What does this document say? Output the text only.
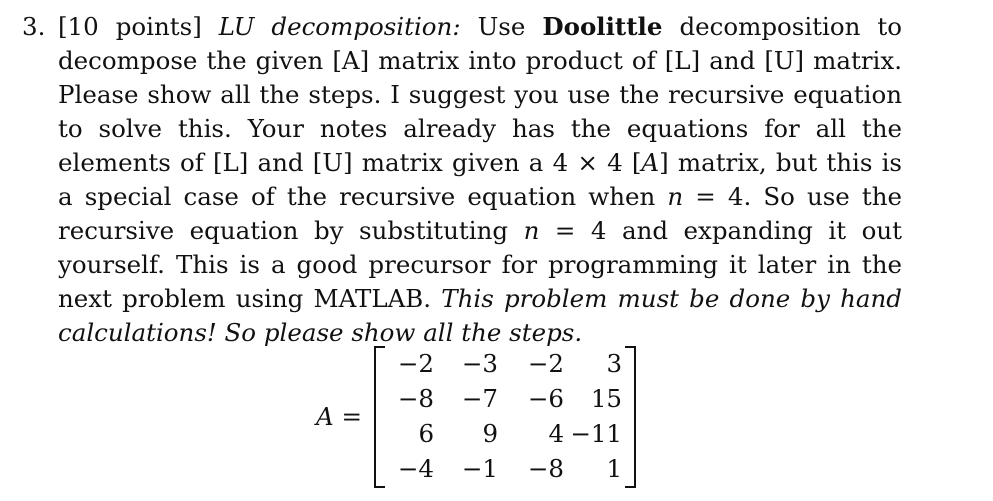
3. [10 points] LU decomposition: Use Doolittle decomposition to decompose the given [A] matrix into product of [L] and [U] matrix. Please show all the steps. I suggest you use the recursive equation to solve this. Your notes already has the equations for all the elements of [L] and [U] matrix given a 4 × 4 [A] matrix, but this is a special case of the recursive equation when n = 4. So use the recursive equation by substituting n = 4 and expanding it out yourself. This is a good precursor for programming it later in the next problem using MATLAB. This problem must be done by hand calculations! So please show all the steps.
A =
−2	−3	−2	3
−8	−7	−6	15
6	9	4 −11
−4	−1	−8	1
